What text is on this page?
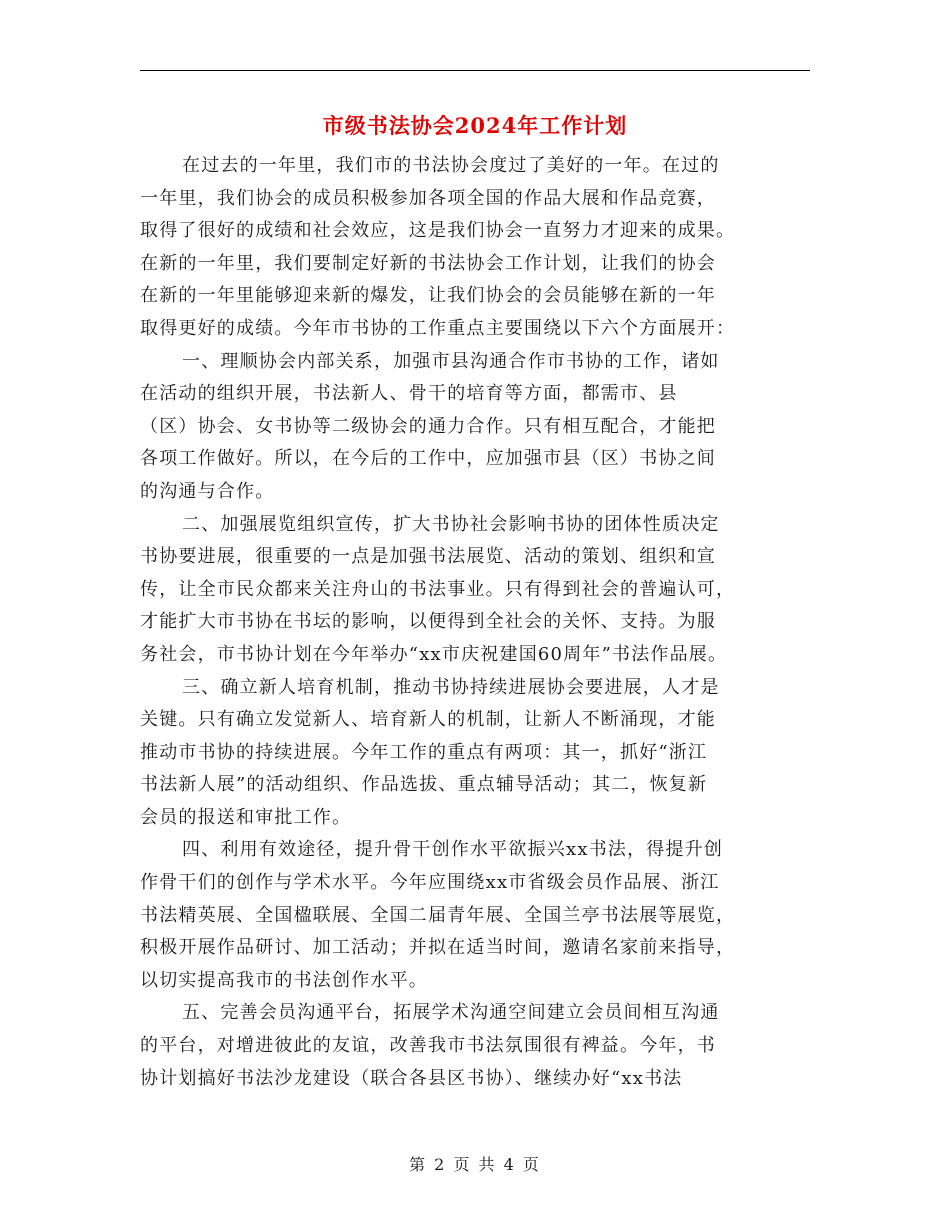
市级书法协会2024年工作计划
在过去的一年里，我们市的书法协会度过了美好的一年。在过的
一年里，我们协会的成员积极参加各项全国的作品大展和作品竞赛，
取得了很好的成绩和社会效应，这是我们协会一直努力才迎来的成果。
在新的一年里，我们要制定好新的书法协会工作计划，让我们的协会
在新的一年里能够迎来新的爆发，让我们协会的会员能够在新的一年
取得更好的成绩。今年市书协的工作重点主要围绕以下六个方面展开：
一、理顺协会内部关系，加强市县沟通合作市书协的工作，诸如
在活动的组织开展，书法新人、骨干的培育等方面，都需市、县
（区）协会、女书协等二级协会的通力合作。只有相互配合，才能把
各项工作做好。所以，在今后的工作中，应加强市县（区）书协之间
的沟通与合作。
二、加强展览组织宣传，扩大书协社会影响书协的团体性质决定
书协要进展，很重要的一点是加强书法展览、活动的策划、组织和宣
传，让全市民众都来关注舟山的书法事业。只有得到社会的普遍认可，
才能扩大市书协在书坛的影响，以便得到全社会的关怀、支持。为服
务社会，市书协计划在今年举办“xx市庆祝建国60周年”书法作品展。
三、确立新人培育机制，推动书协持续进展协会要进展，人才是
关键。只有确立发觉新人、培育新人的机制，让新人不断涌现，才能
推动市书协的持续进展。今年工作的重点有两项：其一，抓好“浙江
书法新人展”的活动组织、作品选拔、重点辅导活动；其二，恢复新
会员的报送和审批工作。
四、利用有效途径，提升骨干创作水平欲振兴xx书法，得提升创
作骨干们的创作与学术水平。今年应围绕xx市省级会员作品展、浙江
书法精英展、全国楹联展、全国二届青年展、全国兰亭书法展等展览，
积极开展作品研讨、加工活动；并拟在适当时间，邀请名家前来指导，
以切实提高我市的书法创作水平。
五、完善会员沟通平台，拓展学术沟通空间建立会员间相互沟通
的平台，对增进彼此的友谊，改善我市书法氛围很有裨益。今年，书
协计划搞好书法沙龙建设（联合各县区书协）、继续办好“xx书法
第 2 页 共 4 页
